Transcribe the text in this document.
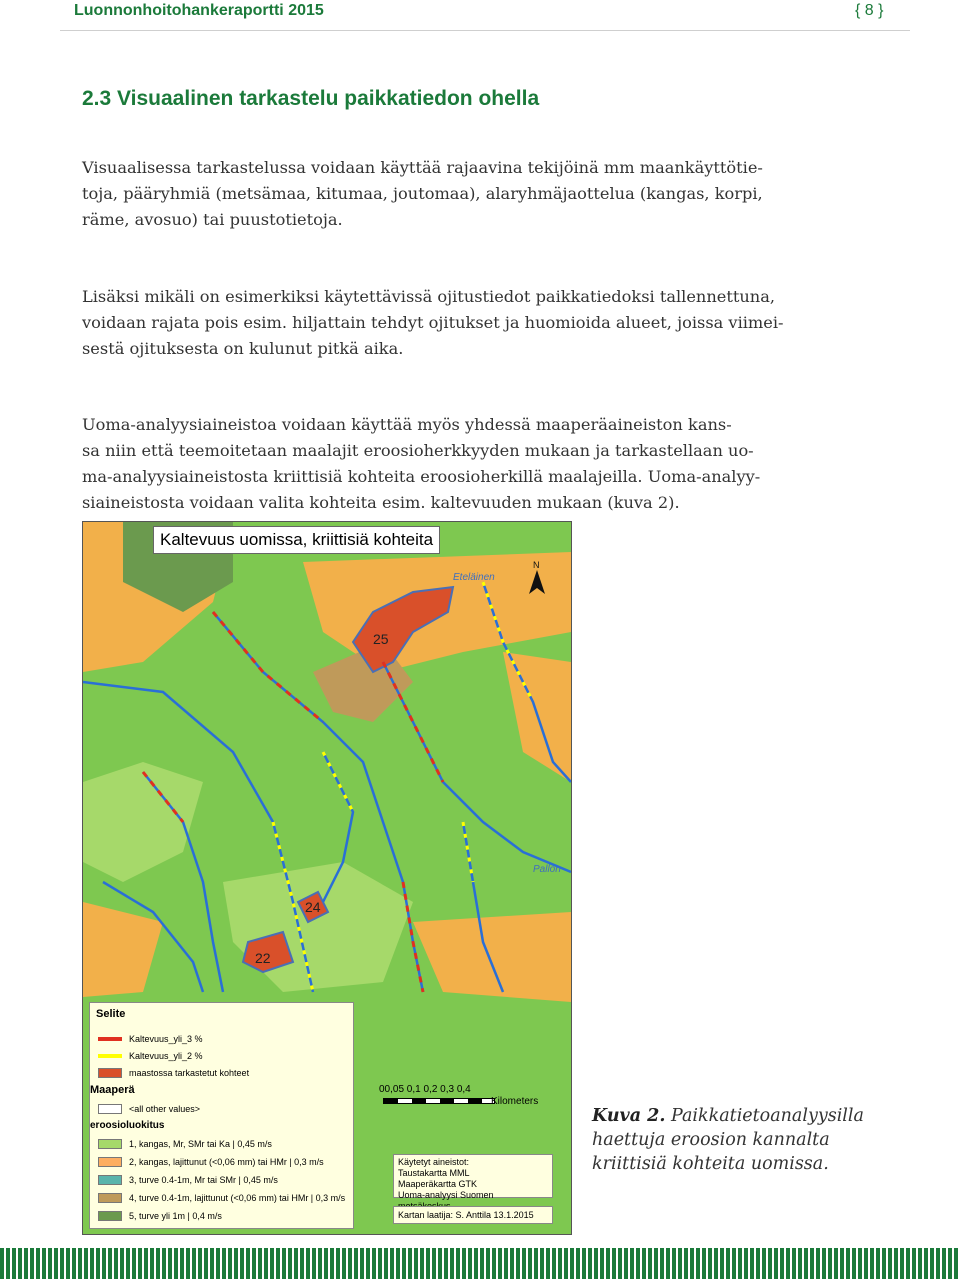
Luonnonhoitohankeraportti 2015	{ 8 }
2.3 Visuaalinen tarkastelu paikkatiedon ohella

Visuaalisessa tarkastelussa voidaan käyttää rajaavina tekijöinä mm maankäyttötie-
toja, pääryhmiä (metsämaa, kitumaa, joutomaa), alaryhmäjaottelua (kangas, korpi,
räme, avosuo) tai puustotietoja.

Lisäksi mikäli on esimerkiksi käytettävissä ojitustiedot paikkatiedoksi tallennettuna,
voidaan rajata pois esim. hiljattain tehdyt ojitukset ja huomioida alueet, joissa viimei-
sestä ojituksesta on kulunut pitkä aika.

Uoma-analyysiaineistoa voidaan käyttää myös yhdessä maaperäaineiston kans-
sa niin että teemoitetaan maalajit eroosioherkkyyden mukaan ja tarkastellaan uo-
ma-analyysiaineistosta kriittisiä kohteita eroosioherkillä maalajeilla. Uoma-analyy-
siaineistosta voidaan valita kohteita esim. kaltevuuden mukaan (kuva 2).

25
24
22
Eteläinen
Pallon
N
Kaltevuus uomissa, kriittisiä kohteita
Selite
Kaltevuus_yli_3 %
Kaltevuus_yli_2 %
maastossa tarkastetut kohteet
Maaperä
<all other values>
eroosioluokitus
1, kangas, Mr, SMr tai Ka | 0,45 m/s
2, kangas, lajittunut (<0,06 mm) tai HMr | 0,3 m/s
3, turve 0.4-1m, Mr tai SMr | 0,45 m/s
4, turve 0.4-1m, lajittunut (<0,06 mm) tai HMr | 0,3 m/s
5, turve yli 1m | 0,4 m/s
00,05 0,1 0,2 0,3 0,4
Kilometers
Käytetyt aineistot:
Taustakartta MML
Maaperäkartta GTK
Uoma-analyysi Suomen
Kartan laatija: S. Anttila 13.1.2015

Kuva 2. Paikkatietoanalyysilla haettuja eroosion kannalta kriittisiä kohteita uomissa.
